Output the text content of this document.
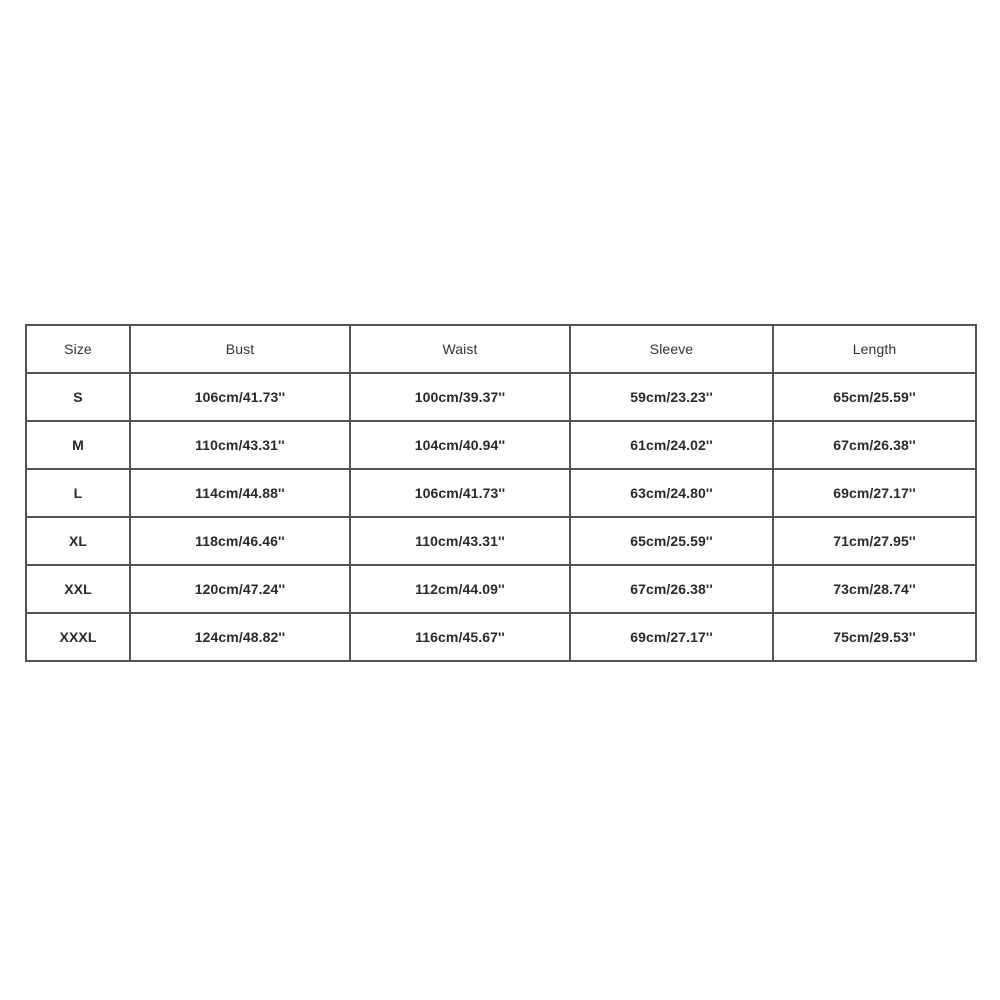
Size	Bust	Waist	Sleeve	Length
S	106cm/41.73''	100cm/39.37''	59cm/23.23''	65cm/25.59''
M	110cm/43.31''	104cm/40.94''	61cm/24.02''	67cm/26.38''
L	114cm/44.88''	106cm/41.73''	63cm/24.80''	69cm/27.17''
XL	118cm/46.46''	110cm/43.31''	65cm/25.59''	71cm/27.95''
XXL	120cm/47.24''	112cm/44.09''	67cm/26.38''	73cm/28.74''
XXXL	124cm/48.82''	116cm/45.67''	69cm/27.17''	75cm/29.53''
